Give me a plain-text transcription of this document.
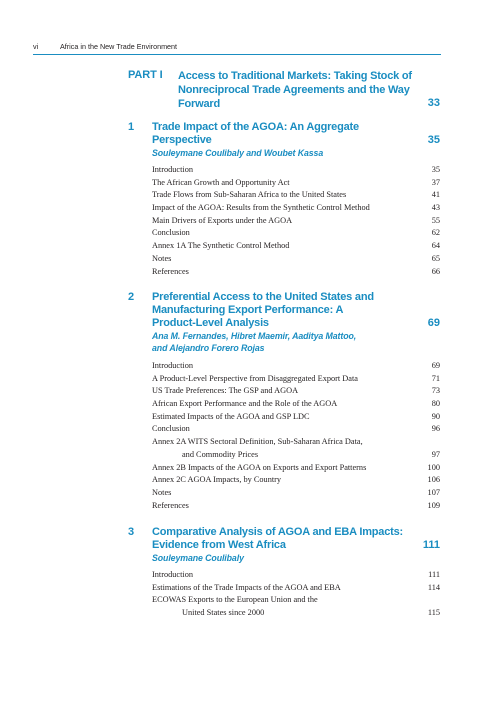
vi	Africa in the New Trade Environment
PART I Access to Traditional Markets: Taking Stock of Nonreciprocal Trade Agreements and the Way Forward	33
1 Trade Impact of the AGOA: An Aggregate Perspective	35
Souleymane Coulibaly and Woubet Kassa
Introduction	35
The African Growth and Opportunity Act	37
Trade Flows from Sub-Saharan Africa to the United States	41
Impact of the AGOA: Results from the Synthetic Control Method	43
Main Drivers of Exports under the AGOA	55
Conclusion	62
Annex 1A The Synthetic Control Method	64
Notes	65
References	66
2 Preferential Access to the United States and Manufacturing Export Performance: A Product-Level Analysis	69
Ana M. Fernandes, Hibret Maemir, Aaditya Mattoo, and Alejandro Forero Rojas
Introduction	69
A Product-Level Perspective from Disaggregated Export Data	71
US Trade Preferences: The GSP and AGOA	73
African Export Performance and the Role of the AGOA	80
Estimated Impacts of the AGOA and GSP LDC	90
Conclusion	96
Annex 2A WITS Sectoral Definition, Sub-Saharan Africa Data,
and Commodity Prices	97
Annex 2B Impacts of the AGOA on Exports and Export Patterns	100
Annex 2C AGOA Impacts, by Country	106
Notes	107
References	109
3 Comparative Analysis of AGOA and EBA Impacts: Evidence from West Africa	111
Souleymane Coulibaly
Introduction	111
Estimations of the Trade Impacts of the AGOA and EBA	114
ECOWAS Exports to the European Union and the
United States since 2000	115
